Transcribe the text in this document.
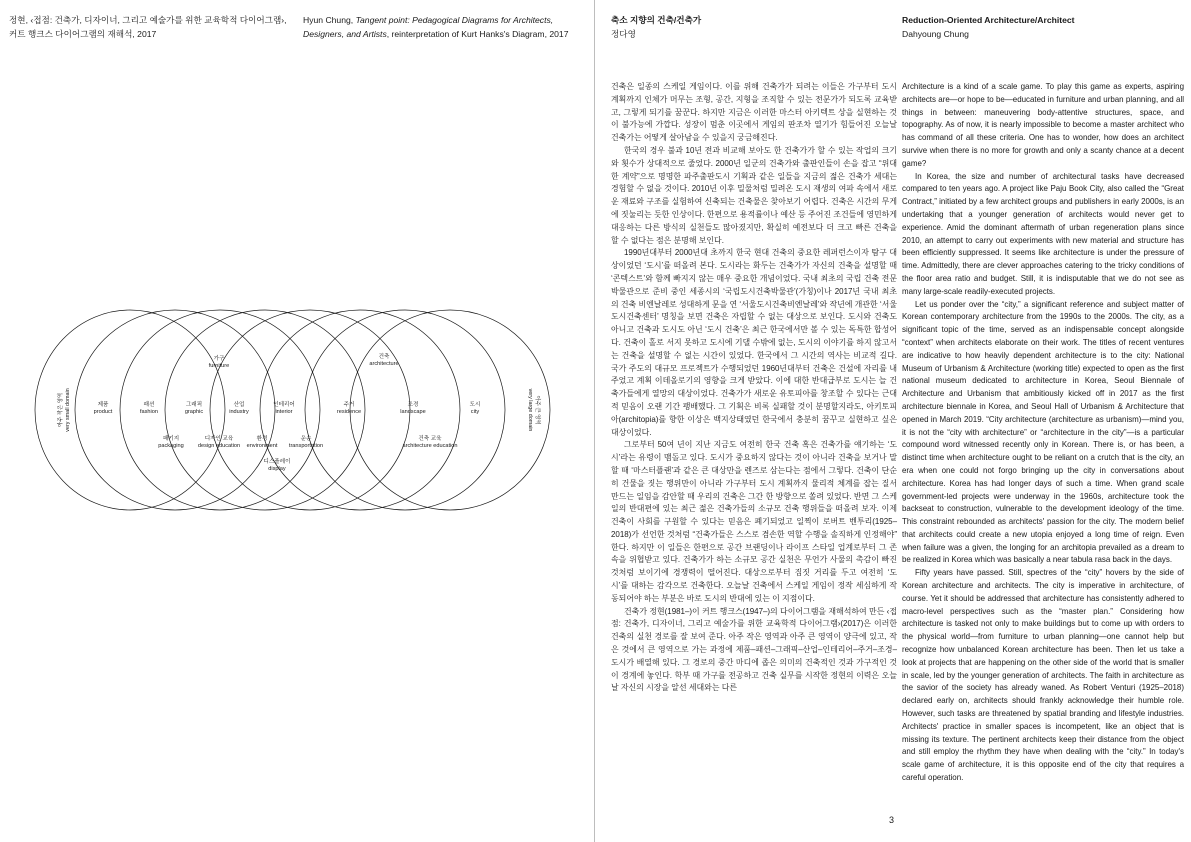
정현, ‹접점: 건축가, 디자이너, 그리고 예술가를 위한 교육학적 다이어그램›, 커트 행크스 다이어그램의 재해석, 2017
Hyun Chung, Tangent point: Pedagogical Diagrams for Architects, Designers, and Artists, reinterpretation of Kurt Hanks's Diagram, 2017
축소 지향의 건축/건축가
정다영
Reduction-Oriented Architecture/Architect
Dahyoung Chung
아주 작은 영역 very small domain	아주 큰 영역
very large domain
제품
product
패션
fashion
그래픽
graphic
산업
industry
인테리어
interior
주거
residence
조경
landscape
도시
city
가구
furniture
건축
architecture
패키지
packaging
디자인 교육
design education
환경
environment
운송
transportation
디스플레이
display
건축 교육
architecture education

건축은 일종의 스케일 게임이다. 이를 위해 건축가가 되려는 이들은 가구부터 도시 계획까지 인체가 머무는 조형, 공간, 지형을 조직할 수 있는 전문가가 되도록 교육받고, 그렇게 되기를 꿈꾼다. 하지만 지금은 이러한 마스터 아키텍트 상을 실현하는 것이 불가능에 가깝다. 성장이 멈춘 이곳에서 게임의 판조차 열기가 힘들어진 오늘날 건축가는 어떻게 살아남을 수 있을지 궁금해진다.

한국의 경우 불과 10년 전과 비교해 보아도 한 건축가가 할 수 있는 작업의 크기와 횟수가 상대적으로 줄었다. 2000년 일군의 건축가와 출판인들이 손을 잡고 “위대한 계약”으로 명명한 파주출판도시 기획과 같은 일들을 지금의 젊은 건축가 세대는 경험할 수 없을 것이다. 2010년 이후 밀물처럼 밀려온 도시 재생의 여파 속에서 새로운 재료와 구조를 실험하여 신축되는 건축물은 찾아보기 어렵다. 건축은 시간의 무게에 짓눌리는 듯한 인상이다. 한편으로 용적률이나 예산 등 주어진 조건들에 영민하게 대응하는 다른 방식의 실천들도 많아졌지만, 확실히 예전보다 더 크고 빠른 건축을 할 수 없다는 점은 분명해 보인다.

1990년대부터 2000년대 초까지 한국 현대 건축의 중요한 레퍼런스이자 탐구 대상이었던 ‘도시’를 떠올려 본다. 도시라는 화두는 건축가가 자신의 건축을 설명할 때 ‘콘텍스트’와 함께 빠지지 않는 매우 중요한 개념이었다. 국내 최초의 국립 건축 전문 박물관으로 준비 중인 세종시의 ‘국립도시건축박물관’(가칭)이나 2017년 국내 최초의 건축 비엔날레로 성대하게 문을 연 ‘서울도시건축비엔날레’와 작년에 개관한 ‘서울도시건축센터’ 명칭을 보면 건축은 자립할 수 없는 대상으로 보인다. 도시와 건축도 아니고 건축과 도시도 아닌 ‘도시 건축’은 최근 한국에서만 볼 수 있는 독특한 합성어다. 건축이 홀로 서지 못하고 도시에 기댈 수밖에 없는, 도시의 이야기를 하지 않고서는 건축을 설명할 수 없는 시간이 있었다. 한국에서 그 시간의 역사는 비교적 길다. 국가 주도의 대규모 프로젝트가 수행되었던 1960년대부터 건축은 건설에 자리를 내주었고 계획 이데올로기의 영향을 크게 받았다. 이에 대한 반대급부로 도시는 늘 건축가들에게 열망의 대상이었다. 건축가가 새로운 유토피아를 창조할 수 있다는 근대적 믿음이 오랜 기간 팽배했다. 그 기획은 비록 실패할 것이 분명할지라도, 아키토피아(architopia)를 향한 이상은 백지상태였던 한국에서 충분히 꿈꾸고 실현하고 싶은 대상이었다.

그로부터 50여 년이 지난 지금도 여전히 한국 건축 혹은 건축가를 얘기하는 ‘도시’라는 유령이 맴돌고 있다. 도시가 중요하지 않다는 것이 아니라 건축을 보거나 말할 때 ‘마스터플랜’과 같은 큰 대상만을 렌즈로 삼는다는 점에서 그렇다. 건축이 단순히 건물을 짓는 행위만이 아니라 가구부터 도시 계획까지 물리적 체계를 잡는 질서 만드는 일임을 감안할 때 우리의 건축은 그간 한 방향으로 쏠려 있었다. 반면 그 스케일의 반대편에 있는 최근 젊은 건축가들의 소규모 건축 행위들을 떠올려 보자. 이제 건축이 사회를 구원할 수 있다는 믿음은 폐기되었고 일찍이 로버트 벤투리(1925–2018)가 선언한 것처럼 “건축가들은 스스로 겸손한 역할 수행을 솔직하게 인정해야” 한다. 하지만 이 일들은 한편으로 공간 브랜딩이나 라이프 스타일 업계로부터 그 존속을 위협받고 있다. 건축가가 하는 소규모 공간 실천은 무언가 사물의 촉감이 빠진 것처럼 보이기에 경쟁력이 떨어진다. 대상으로부터 짐짓 거리를 두고 여전히 ‘도시’를 대하는 감각으로 건축한다. 오늘날 건축에서 스케일 게임이 정작 세심하게 작동되어야 하는 부분은 바로 도시의 반대에 있는 이 지점이다.

건축가 정현(1981–)이 커트 행크스(1947–)의 다이어그램을 재해석하여 만든 ‹접점: 건축가, 디자이너, 그리고 예술가를 위한 교육학적 다이어그램›(2017)은 이러한 건축의 실천 경로를 잘 보여 준다. 아주 작은 영역과 아주 큰 영역이 양극에 있고, 작은 것에서 큰 영역으로 가는 과정에 제품–패션–그래픽–산업–인테리어–주거–조경–도시가 배열해 있다. 그 경로의 중간 마디에 좁은 의미의 건축적인 것과 가구적인 것이 경계에 놓인다. 학부 때 가구를 전공하고 건축 실무를 시작한 정현의 이력은 오늘날 자신의 시장을 알선 세대와는 다른

Architecture is a kind of a scale game. To play this game as experts, aspiring architects are—or hope to be—educated in furniture and urban planning, and all things in between: maneuvering body-attentive structures, space, and topography. As of now, it is nearly impossible to become a master architect who has command of all these criteria. One has to wonder, how does an architect survive when there is no more for growth and only a scanty chance at a decent game?

In Korea, the size and number of architectural tasks have decreased compared to ten years ago. A project like Paju Book City, also called the “Great Contract,” initiated by a few architect groups and publishers in early 2000s, is an undertaking that a younger generation of architects would never get to experience. Amid the dominant aftermath of urban regeneration plans since 2010, an attempt to carry out experiments with new material and structure has been efficiently suppressed. It seems like architecture is under the pressure of time. Admittedly, there are clever approaches catering to the tricky conditions of the floor area ratio and budget. Still, it is indisputable that we do not see as many large-scale readily-executed projects.

Let us ponder over the “city,” a significant reference and subject matter of Korean contemporary architecture from the 1990s to the 2000s. The city, as a significant topic of the time, served as an indispensable concept alongside “context” when architects elaborate on their work. The titles of recent ventures are indicative to how heavily dependent architecture is to the city: National Museum of Urbanism & Architecture (working title) expected to open as the first national museum dedicated to architecture in Korea, Seoul Biennale of Architecture and Urbanism that ambitiously kicked off in 2017 as the first architecture biennale in Korea, and Seoul Hall of Urbanism & Architecture that opened in March 2019. “City architecture (architecture as urbanism)—mind you, it is not the “city with architecture” or “architecture in the city”—is a particular compound word witnessed recently only in Korean. There is, or has been, a distinct time when architecture ought to be reliant on a crutch that is the city, an era when one could not forgo bringing up the city in conversations about architecture. Korea has had longer days of such a time. When grand scale government-led projects were underway in the 1960s, architecture took the backseat to construction, vulnerable to the development ideology of the time. This constraint rebounded as architects' passion for the city. The modern belief that architects could create a new utopia enjoyed a long time of reign. Even when failure was a given, the longing for an architopia prevailed as a dream to be realized in Korea which was basically a near tabula rasa back in the days.

Fifty years have passed. Still, spectres of the “city” hovers by the side of Korean architecture and architects. The city is imperative in architecture, of course. Yet it should be addressed that architecture has consistently adhered to macro-level perspectives such as the “master plan.” Considering how architecture is tasked not only to make buildings but to come up with orders to the physical world—from furniture to urban planning—one cannot help but recognize how unbalanced Korean architecture has been. Then let us take a look at projects that are happening on the other side of the world that is smaller in scale, led by the younger generation of architects. The faith in architecture as the savior of the society has already waned. As Robert Venturi (1925–2018) declared early on, architects should frankly acknowledge their humble role. However, such tasks are threatened by spatial branding and lifestyle industries. Architects' practice in smaller spaces is incompetent, like an object that is missing its texture. The pertinent architects keep their distance from the object and still employ the rhythm they have when dealing with the “city.” In today's scale game of architecture, it is this opposite end of the city that requires a careful operation.

3
